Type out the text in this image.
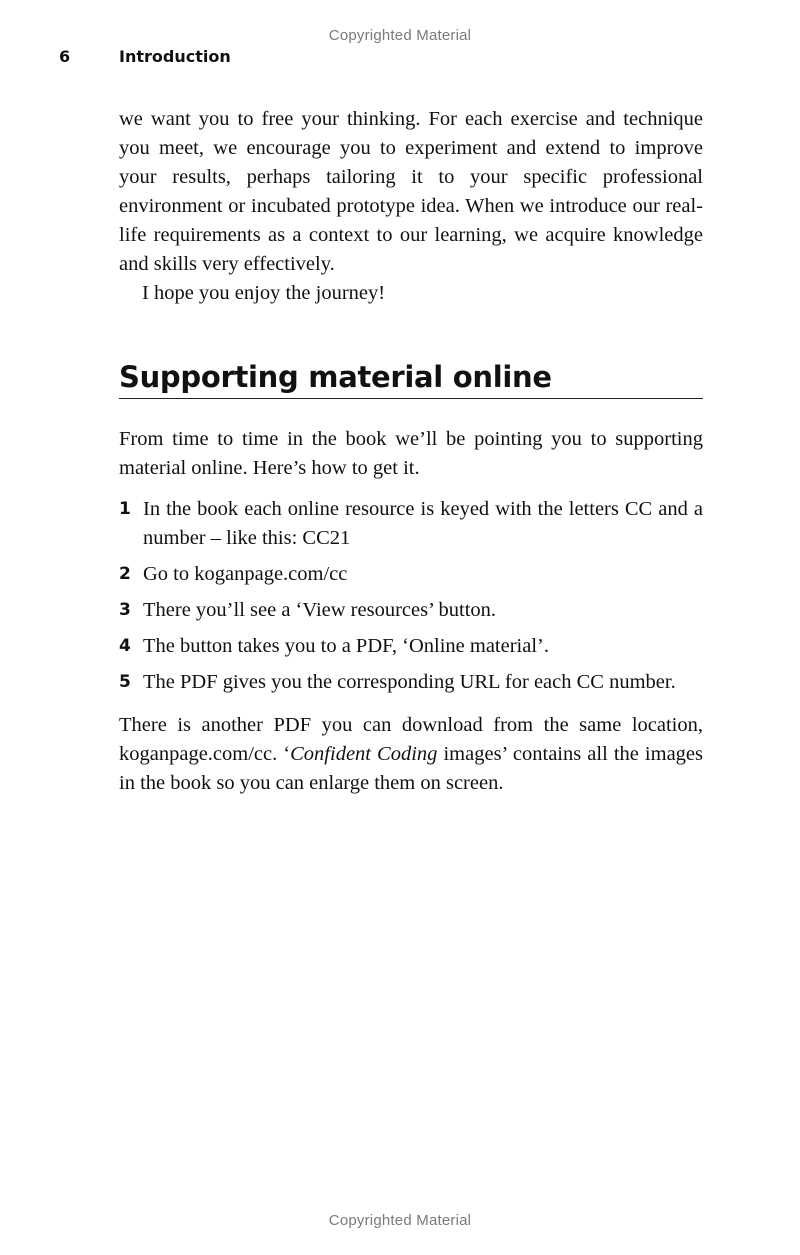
Copyrighted Material
6	Introduction

we want you to free your thinking. For each exercise and technique you meet, we encourage you to experiment and extend to improve your results, perhaps tailoring it to your specific professional environment or incubated prototype idea. When we introduce our real-life requirements as a context to our learning, we acquire knowledge and skills very effectively.

I hope you enjoy the journey!

Supporting material online

From time to time in the book we’ll be pointing you to supporting material online. Here’s how to get it.

1 In the book each online resource is keyed with the letters CC and a number – like this: CC21
2 Go to koganpage.com/cc
3 There you’ll see a ‘View resources’ button.
4 The button takes you to a PDF, ‘Online material’.
5 The PDF gives you the corresponding URL for each CC number.

There is another PDF you can download from the same location, koganpage.com/cc. ‘Confident Coding images’ contains all the images in the book so you can enlarge them on screen.

Copyrighted Material
